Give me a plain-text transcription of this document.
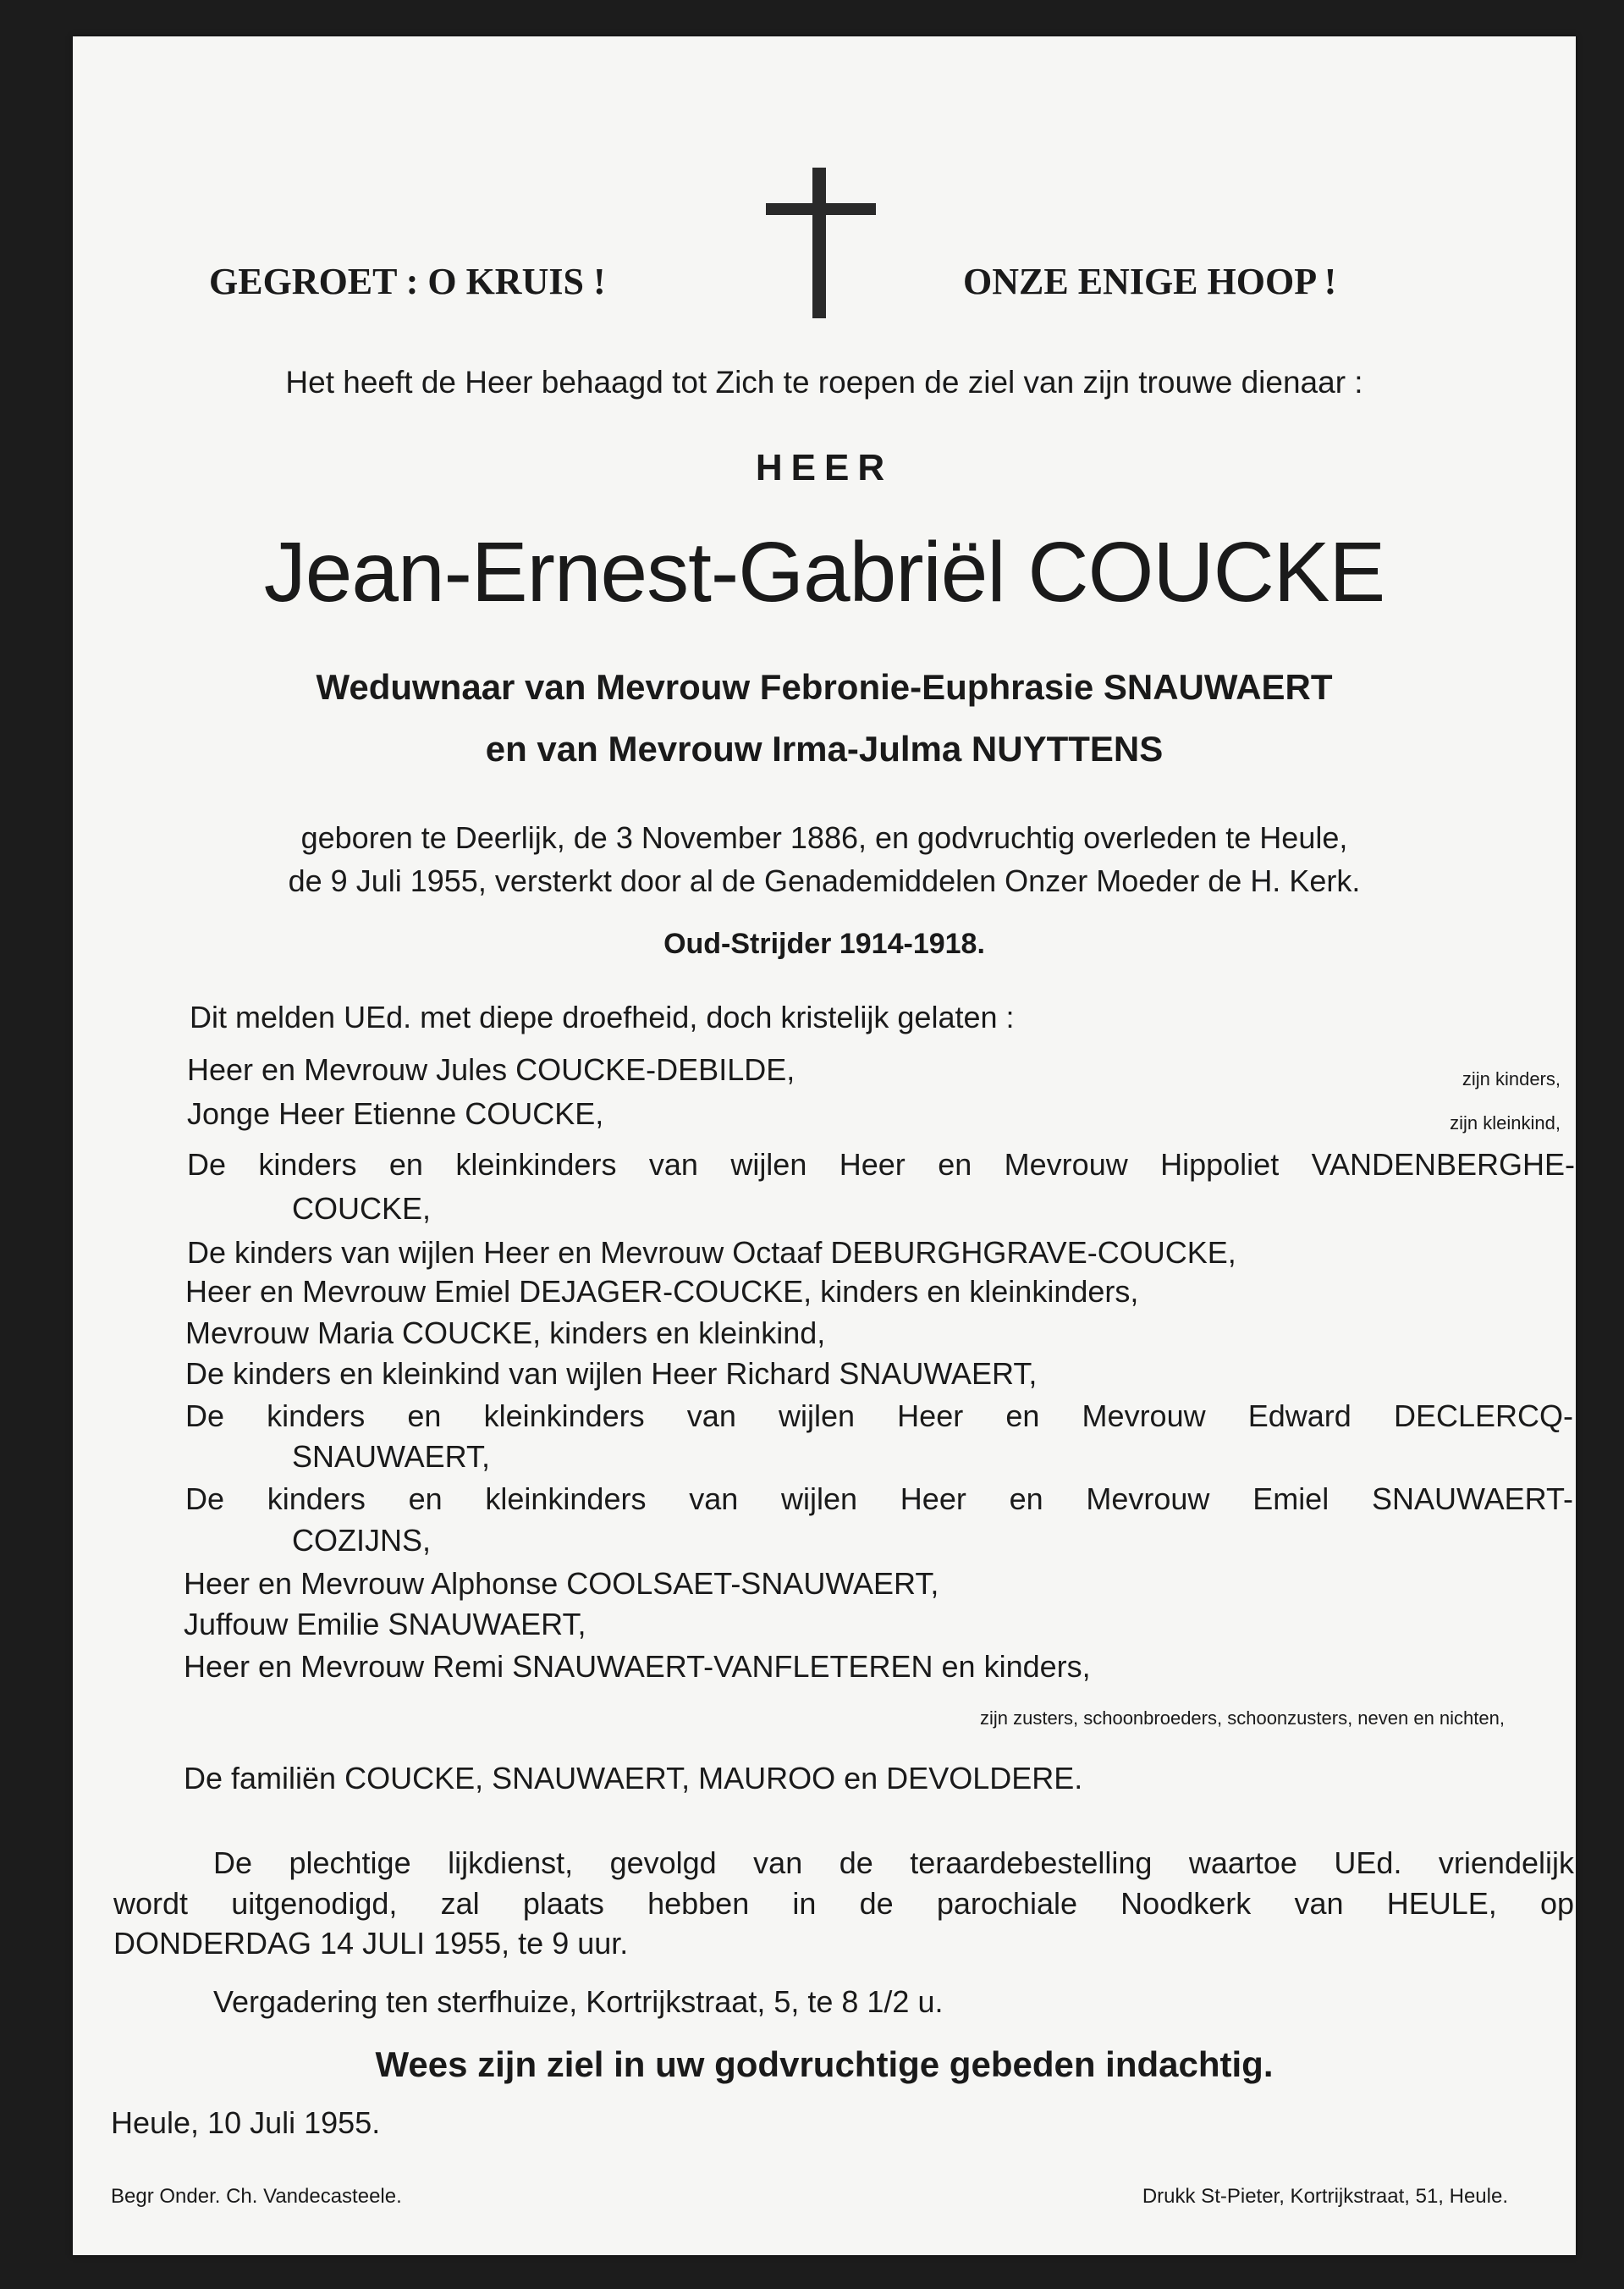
GEGROET : O KRUIS !	ONZE ENIGE HOOP !
Het heeft de Heer behaagd tot Zich te roepen de ziel van zijn trouwe dienaar :
HEER
Jean-Ernest-Gabriël COUCKE
Weduwnaar van Mevrouw Febronie-Euphrasie SNAUWAERT
en van Mevrouw Irma-Julma NUYTTENS
geboren te Deerlijk, de 3 November 1886, en godvruchtig overleden te Heule,
de 9 Juli 1955, versterkt door al de Genademiddelen Onzer Moeder de H. Kerk.
Oud-Strijder 1914-1918.
Dit melden UEd. met diepe droefheid, doch kristelijk gelaten :
Heer en Mevrouw Jules COUCKE-DEBILDE,	zijn kinders,
Jonge Heer Etienne COUCKE,	zijn kleinkind,
De kinders en kleinkinders van wijlen Heer en Mevrouw Hippoliet VANDENBERGHE-
COUCKE,
De kinders van wijlen Heer en Mevrouw Octaaf DEBURGHGRAVE-COUCKE,
Heer en Mevrouw Emiel DEJAGER-COUCKE, kinders en kleinkinders,
Mevrouw Maria COUCKE, kinders en kleinkind,
De kinders en kleinkind van wijlen Heer Richard SNAUWAERT,
De kinders en kleinkinders van wijlen Heer en Mevrouw Edward DECLERCQ-
SNAUWAERT,
De kinders en kleinkinders van wijlen Heer en Mevrouw Emiel SNAUWAERT-
COZIJNS,
Heer en Mevrouw Alphonse COOLSAET-SNAUWAERT,
Juffouw Emilie SNAUWAERT,
Heer en Mevrouw Remi SNAUWAERT-VANFLETEREN en kinders,
zijn zusters, schoonbroeders, schoonzusters, neven en nichten,
De familiën COUCKE, SNAUWAERT, MAUROO en DEVOLDERE.
De plechtige lijkdienst, gevolgd van de teraardebestelling waartoe UEd. vriendelijk
wordt uitgenodigd, zal plaats hebben in de parochiale Noodkerk van HEULE, op
DONDERDAG 14 JULI 1955, te 9 uur.
Vergadering ten sterfhuize, Kortrijkstraat, 5, te 8 1/2 u.
Wees zijn ziel in uw godvruchtige gebeden indachtig.
Heule, 10 Juli 1955.
Begr Onder. Ch. Vandecasteele.	Drukk St-Pieter, Kortrijkstraat, 51, Heule.
